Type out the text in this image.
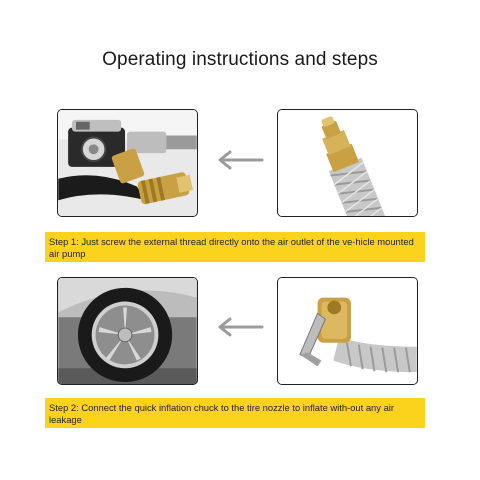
Operating instructions and steps
Step 1: Just screw the external thread directly onto the air outlet of the ve-hicle mounted air pump
Step 2: Connect the quick inflation chuck to the tire nozzle to inflate with-out any air leakage
